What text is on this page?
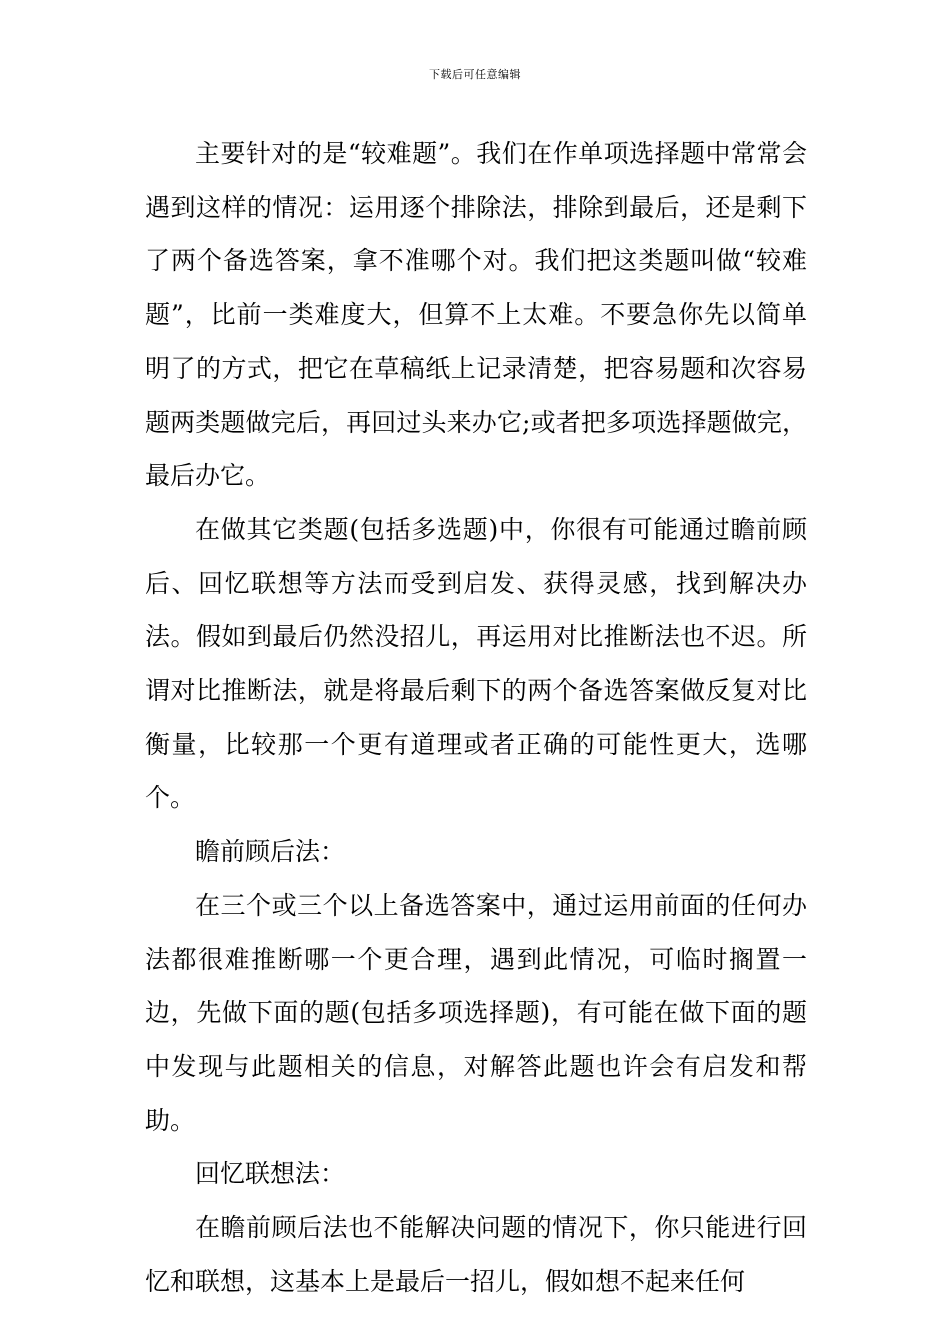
下载后可任意编辑

主要针对的是“较难题”。我们在作单项选择题中常常会遇到这样的情况：运用逐个排除法，排除到最后，还是剩下了两个备选答案，拿不准哪个对。我们把这类题叫做“较难题”，比前一类难度大，但算不上太难。不要急你先以简单明了的方式，把它在草稿纸上记录清楚，把容易题和次容易题两类题做完后，再回过头来办它;或者把多项选择题做完，最后办它。

在做其它类题(包括多选题)中，你很有可能通过瞻前顾后、回忆联想等方法而受到启发、获得灵感，找到解决办法。假如到最后仍然没招儿，再运用对比推断法也不迟。所谓对比推断法，就是将最后剩下的两个备选答案做反复对比衡量，比较那一个更有道理或者正确的可能性更大，选哪个。

瞻前顾后法：

在三个或三个以上备选答案中，通过运用前面的任何办法都很难推断哪一个更合理，遇到此情况，可临时搁置一边，先做下面的题(包括多项选择题)，有可能在做下面的题中发现与此题相关的信息，对解答此题也许会有启发和帮助。

回忆联想法：

在瞻前顾后法也不能解决问题的情况下，你只能进行回忆和联想，这基本上是最后一招儿，假如想不起来任何
